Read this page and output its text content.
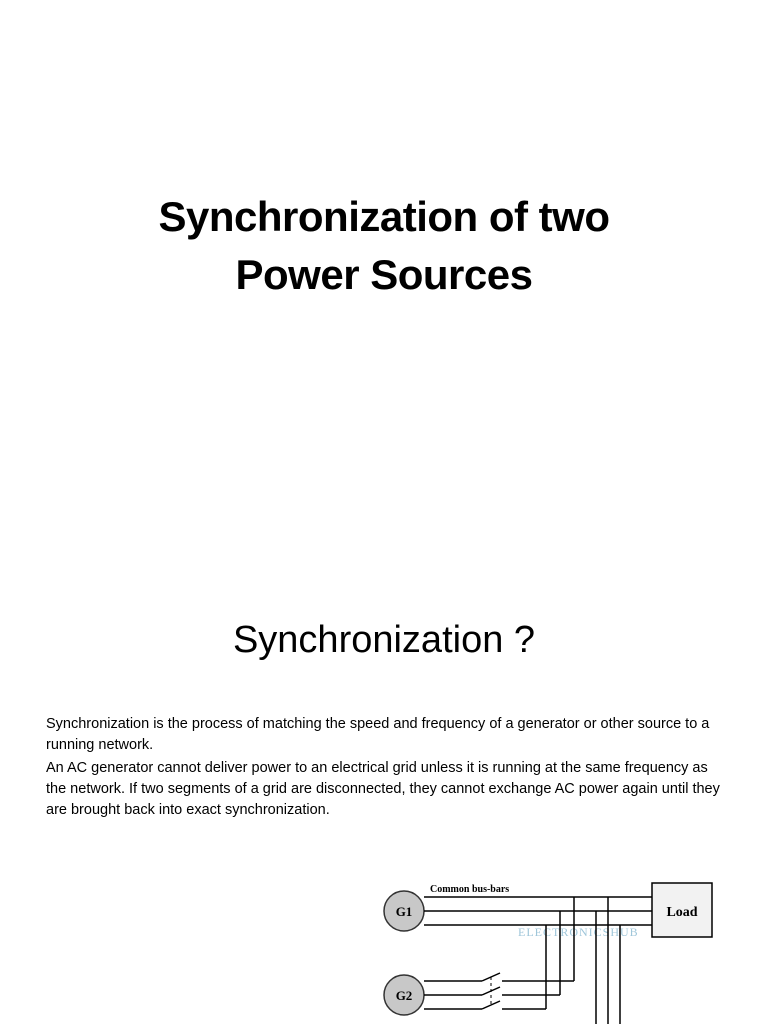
Synchronization of two
Power Sources
Synchronization ?

Synchronization is the process of matching the speed and frequency of a generator or other source to a running network.

An AC generator cannot deliver power to an electrical grid unless it is running at the same frequency as the network. If two segments of a grid are disconnected, they cannot exchange AC power again until they are brought back into exact synchronization.

ELECTRONICSHUB
Common bus-bars
G1	Load
G2
